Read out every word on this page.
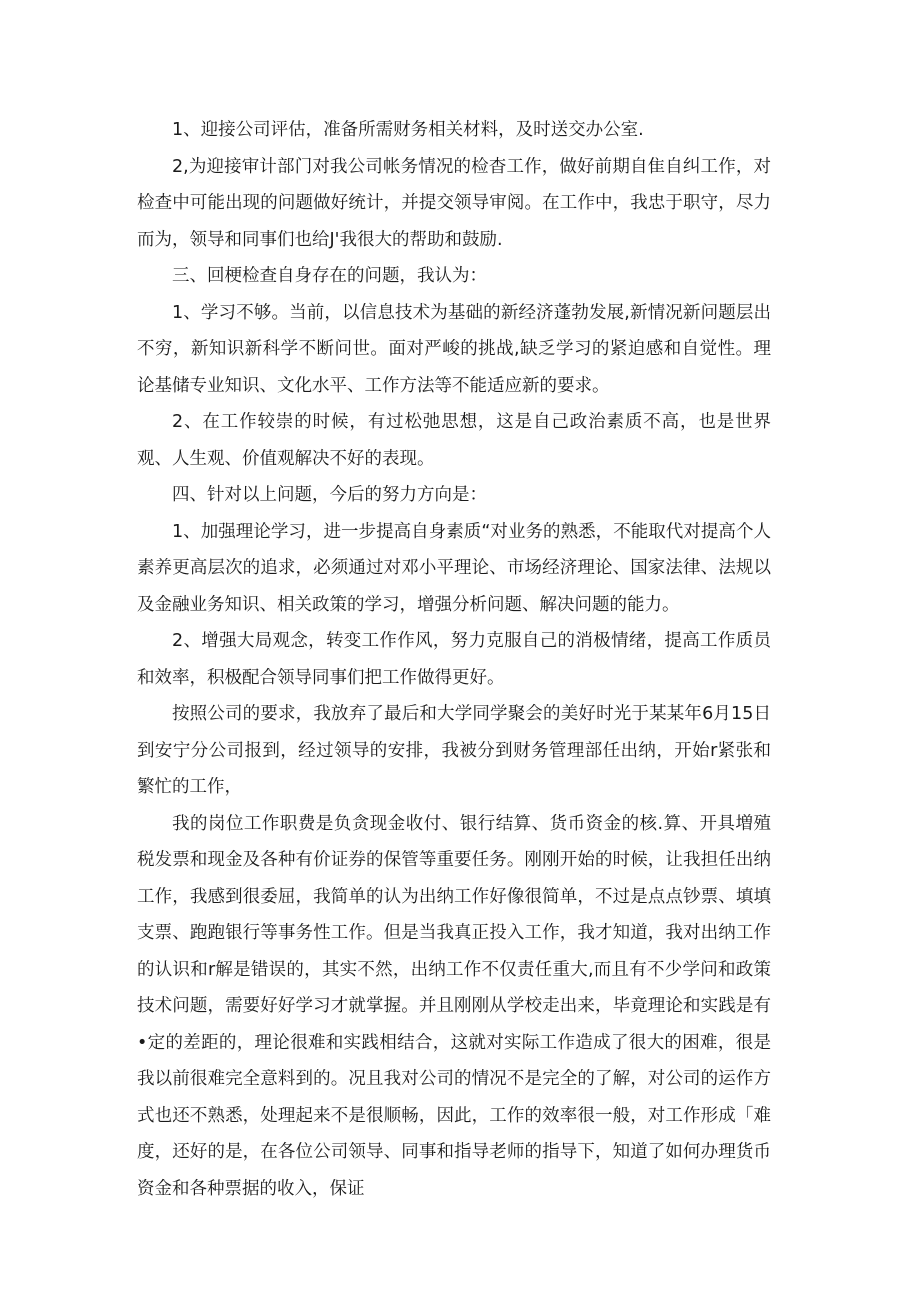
1、迎接公司评估，准备所需财务相关材料，及时送交办公室.

2,为迎接审计部门对我公司帐务情况的检杳工作，做好前期自隹自纠工作，对检查中可能出现的问题做好统计，并提交领导审阅。在工作中，我忠于职守，尽力而为，领导和同事们也给J'我很大的帮助和鼓励.

三、回梗检查自身存在的问题，我认为：

1、学习不够。当前，以信息技术为基础的新经济蓬勃发展,新情况新问题层出不穷，新知识新科学不断问世。面对严峻的挑战,缺乏学习的紧迫感和自觉性。理论基储专业知识、文化水平、工作方法等不能适应新的要求。

2、在工作较崇的时候，有过松弛思想，这是自己政治素质不高，也是世界观、人生观、价值观解决不好的表现。

四、针对以上问题，今后的努力方向是：

1、加强理论学习，进一步提高自身素质“对业务的熟悉，不能取代对提高个人素养更高层次的追求，必须通过对邓小平理论、市场经济理论、国家法律、法规以及金融业务知识、相关政策的学习，增强分析问题、解决问题的能力。

2、增强大局观念，转变工作作风，努力克服自己的消极情绪，提高工作质员和效率，积极配合领导同事们把工作做得更好。

按照公司的要求，我放弃了最后和大学同学聚会的美好时光于某某年6月15日到安宁分公司报到，经过领导的安排，我被分到财务管理部任出纳，开始r紧张和繁忙的工作，

我的岗位工作职费是负贪现金收付、银行结算、货币资金的核.算、开具増殖税发票和现金及各种有价证券的保管等重要任务。刚刚开始的时候，让我担任出纳工作，我感到很委屈，我简单的认为出纳工作好像很简单，不过是点点钞票、填填支票、跑跑银行等事务性工作。但是当我真正投入工作，我才知道，我对出纳工作的认识和r解是错误的，其实不然，出纳工作不仅责任重大,而且有不少学问和政策技术问题，需要好好学习才就掌握。并且刚刚从学校走出来，毕竟理论和实践是有•定的差距的，理论很难和实践相结合，这就对实际工作造成了很大的困难，很是我以前很难完全意料到的。况且我对公司的情况不是完全的了解，对公司的运作方式也还不熟悉，处理起来不是很顺畅，因此，工作的效率很一般，对工作形成「难度，还好的是，在各位公司领导、同事和指导老师的指导下，知道了如何办理货币资金和各种票据的收入，保证
